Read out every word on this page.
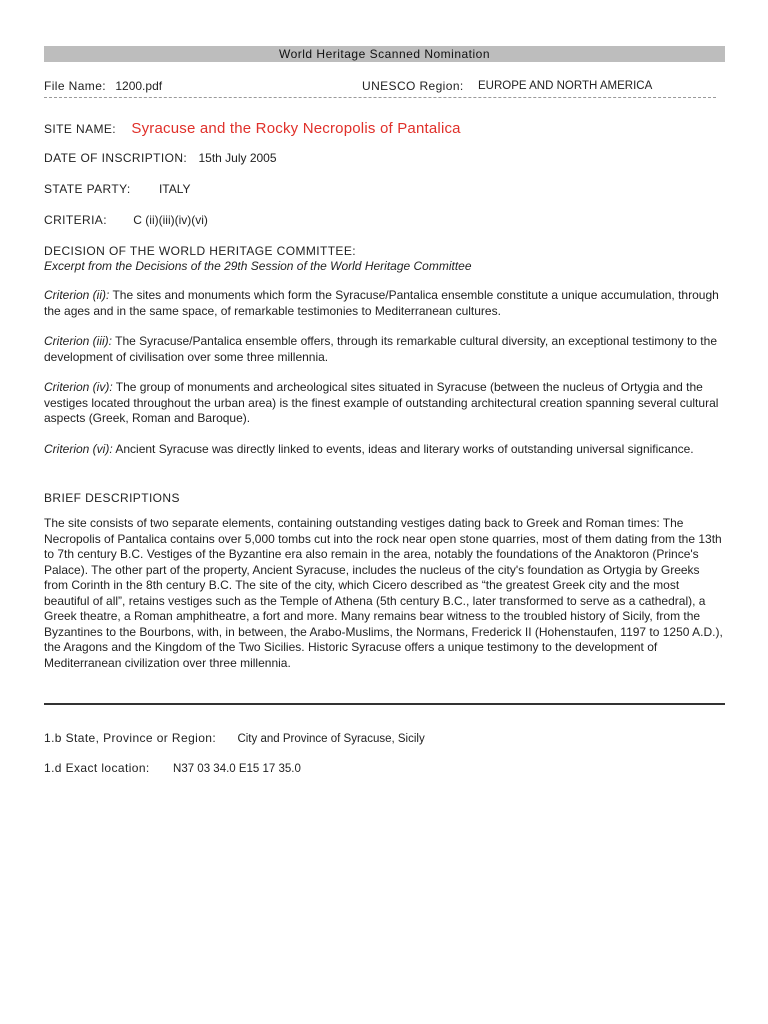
World Heritage Scanned Nomination
File Name: 1200.pdf	UNESCO Region: EUROPE AND NORTH AMERICA
SITE NAME: Syracuse and the Rocky Necropolis of Pantalica
DATE OF INSCRIPTION: 15th July 2005
STATE PARTY: ITALY
CRITERIA: C (ii)(iii)(iv)(vi)
DECISION OF THE WORLD HERITAGE COMMITTEE:
Excerpt from the Decisions of the 29th Session of the World Heritage Committee

Criterion (ii): The sites and monuments which form the Syracuse/Pantalica ensemble constitute a unique accumulation, through the ages and in the same space, of remarkable testimonies to Mediterranean cultures.

Criterion (iii): The Syracuse/Pantalica ensemble offers, through its remarkable cultural diversity, an exceptional testimony to the development of civilisation over some three millennia.

Criterion (iv): The group of monuments and archeological sites situated in Syracuse (between the nucleus of Ortygia and the vestiges located throughout the urban area) is the finest example of outstanding architectural creation spanning several cultural aspects (Greek, Roman and Baroque).

Criterion (vi): Ancient Syracuse was directly linked to events, ideas and literary works of outstanding universal significance.

BRIEF DESCRIPTIONS

The site consists of two separate elements, containing outstanding vestiges dating back to Greek and Roman times: The Necropolis of Pantalica contains over 5,000 tombs cut into the rock near open stone quarries, most of them dating from the 13th to 7th century B.C. Vestiges of the Byzantine era also remain in the area, notably the foundations of the Anaktoron (Prince's Palace). The other part of the property, Ancient Syracuse, includes the nucleus of the city's foundation as Ortygia by Greeks from Corinth in the 8th century B.C. The site of the city, which Cicero described as “the greatest Greek city and the most beautiful of all”, retains vestiges such as the Temple of Athena (5th century B.C., later transformed to serve as a cathedral), a Greek theatre, a Roman amphitheatre, a fort and more. Many remains bear witness to the troubled history of Sicily, from the Byzantines to the Bourbons, with, in between, the Arabo-Muslims, the Normans, Frederick II (Hohenstaufen, 1197 to 1250 A.D.), the Aragons and the Kingdom of the Two Sicilies. Historic Syracuse offers a unique testimony to the development of Mediterranean civilization over three millennia.

1.b State, Province or Region: City and Province of Syracuse, Sicily
1.d Exact location: N37 03 34.0 E15 17 35.0
